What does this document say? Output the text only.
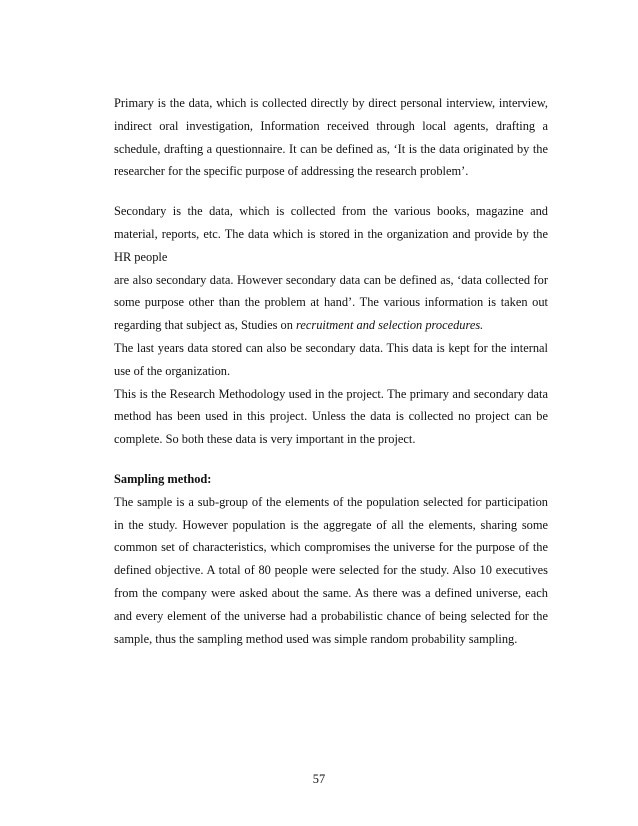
Primary is the data, which is collected directly by direct personal interview, interview,
indirect oral investigation, Information received through local agents, drafting a
schedule, drafting a questionnaire. It can be defined as, ‘It is the data originated by the
researcher for the specific purpose of addressing the research problem’.
Secondary is the data, which is collected from the various books, magazine and
material, reports, etc. The data which is stored in the organization and provide by the
HR people
are also secondary data. However secondary data can be defined as, ‘data collected for
some purpose other than the problem at hand’. The various information is taken out
regarding that subject as, Studies on recruitment and selection procedures.
The last years data stored can also be secondary data. This data is kept for the internal
use of the organization.
This is the Research Methodology used in the project. The primary and secondary data
method has been used in this project. Unless the data is collected no project can be
complete. So both these data is very important in the project.

Sampling method:

The sample is a sub-group of the elements of the population selected for participation
in the study. However population is the aggregate of all the elements, sharing some
common set of characteristics, which compromises the universe for the purpose of the
defined objective. A total of 80 people were selected for the study. Also 10 executives
from the company were asked about the same. As there was a defined universe, each
and every element of the universe had a probabilistic chance of being selected for the
sample, thus the sampling method used was simple random probability sampling.
57
